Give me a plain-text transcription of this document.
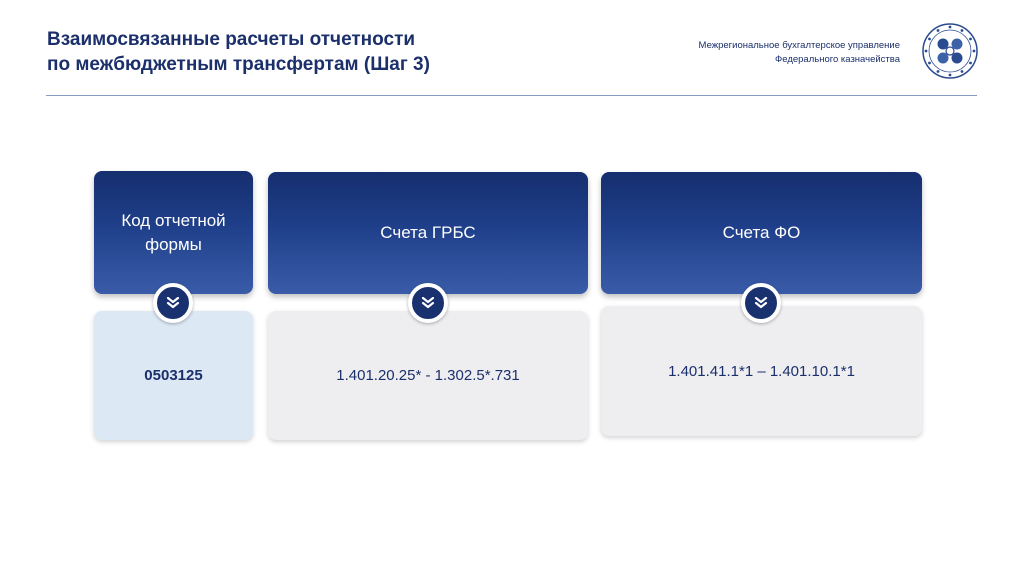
Взаимосвязанные расчеты отчетности
по межбюджетным трансфертам (Шаг 3)
Межрегиональное бухгалтерское управление
Федерального казначейства
Код отчетной
формы
0503125
Счета ГРБС
1.401.20.25* - 1.302.5*.731
Счета ФО
1.401.41.1*1 – 1.401.10.1*1
